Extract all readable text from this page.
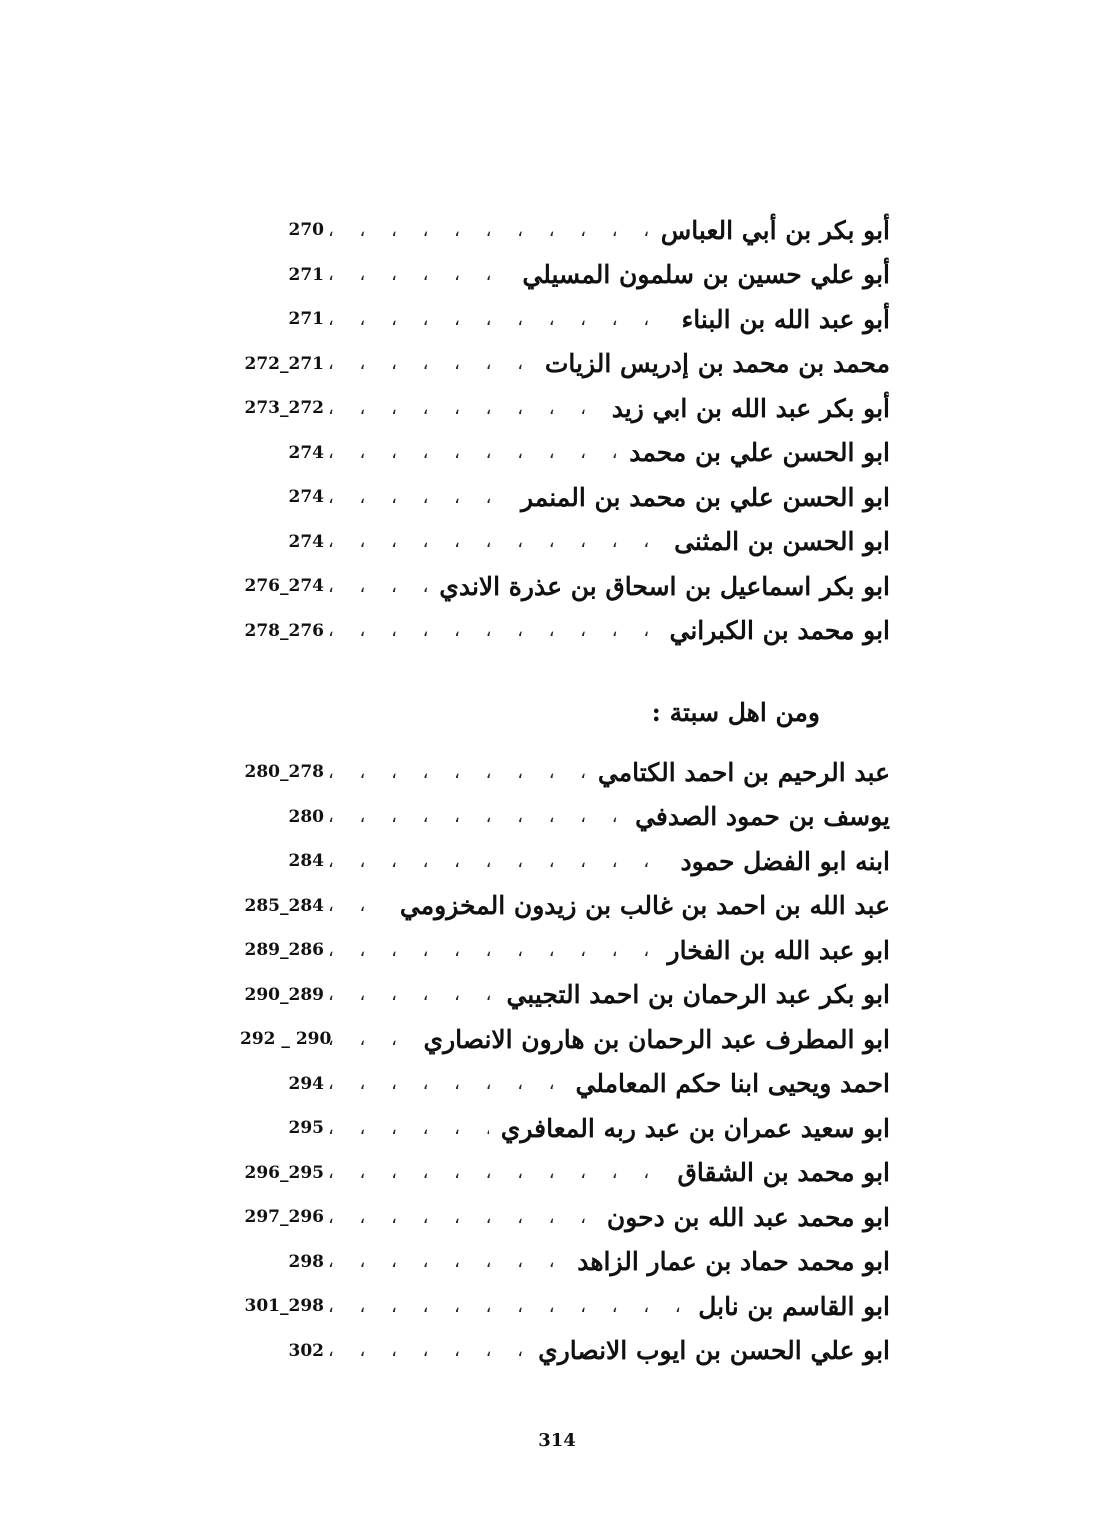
أبو بكر بن أبي العباس
، ، ، ، ، ، ، ، ، ، ، ، ، ، ، ، ، ، ، ، ، ، ، ، ، ، ، ، ، ، ، ، ، ، ، ، ، ، ، ،
270
أبو علي حسين بن سلمون المسيلي
، ، ، ، ، ، ، ، ، ، ، ، ، ، ، ، ، ، ، ، ، ، ، ، ، ، ، ، ، ، ، ، ، ، ، ، ، ، ، ،
271
أبو عبد الله بن البناء
، ، ، ، ، ، ، ، ، ، ، ، ، ، ، ، ، ، ، ، ، ، ، ، ، ، ، ، ، ، ، ، ، ، ، ، ، ، ، ،
271
محمد بن محمد بن إدريس الزيات
، ، ، ، ، ، ، ، ، ، ، ، ، ، ، ، ، ، ، ، ، ، ، ، ، ، ، ، ، ، ، ، ، ، ، ، ، ، ، ،
272_271
أبو بكر عبد الله بن ابي زيد
، ، ، ، ، ، ، ، ، ، ، ، ، ، ، ، ، ، ، ، ، ، ، ، ، ، ، ، ، ، ، ، ، ، ، ، ، ، ، ،
273_272
ابو الحسن علي بن محمد
، ، ، ، ، ، ، ، ، ، ، ، ، ، ، ، ، ، ، ، ، ، ، ، ، ، ، ، ، ، ، ، ، ، ، ، ، ، ، ،
274
ابو الحسن علي بن محمد بن المنمر
، ، ، ، ، ، ، ، ، ، ، ، ، ، ، ، ، ، ، ، ، ، ، ، ، ، ، ، ، ، ، ، ، ، ، ، ، ، ، ،
274
ابو الحسن بن المثنى
، ، ، ، ، ، ، ، ، ، ، ، ، ، ، ، ، ، ، ، ، ، ، ، ، ، ، ، ، ، ، ، ، ، ، ، ، ، ، ،
274
ابو بكر اسماعيل بن اسحاق بن عذرة الاندي
، ، ، ، ، ، ، ، ، ، ، ، ، ، ، ، ، ، ، ، ، ، ، ، ، ، ، ، ، ، ، ، ، ، ، ، ، ، ، ،
276_274
ابو محمد بن الكبراني
، ، ، ، ، ، ، ، ، ، ، ، ، ، ، ، ، ، ، ، ، ، ، ، ، ، ، ، ، ، ، ، ، ، ، ، ، ، ، ،
278_276
ومن اهل سبتة :
عبد الرحيم بن احمد الكتامي
، ، ، ، ، ، ، ، ، ، ، ، ، ، ، ، ، ، ، ، ، ، ، ، ، ، ، ، ، ، ، ، ، ، ، ، ، ، ، ،
280_278
يوسف بن حمود الصدفي
، ، ، ، ، ، ، ، ، ، ، ، ، ، ، ، ، ، ، ، ، ، ، ، ، ، ، ، ، ، ، ، ، ، ، ، ، ، ، ،
280
ابنه ابو الفضل حمود
، ، ، ، ، ، ، ، ، ، ، ، ، ، ، ، ، ، ، ، ، ، ، ، ، ، ، ، ، ، ، ، ، ، ، ، ، ، ، ،
284
عبد الله بن احمد بن غالب بن زيدون المخزومي
، ، ، ، ، ، ، ، ، ، ، ، ، ، ، ، ، ، ، ، ، ، ، ، ، ، ، ، ، ، ، ، ، ، ، ، ، ، ، ،
285_284
ابو عبد الله بن الفخار
، ، ، ، ، ، ، ، ، ، ، ، ، ، ، ، ، ، ، ، ، ، ، ، ، ، ، ، ، ، ، ، ، ، ، ، ، ، ، ،
289_286
ابو بكر عبد الرحمان بن احمد التجيبي
، ، ، ، ، ، ، ، ، ، ، ، ، ، ، ، ، ، ، ، ، ، ، ، ، ، ، ، ، ، ، ، ، ، ، ، ، ، ، ،
290_289
ابو المطرف عبد الرحمان بن هارون الانصاري
، ، ، ، ، ، ، ، ، ، ، ، ، ، ، ، ، ، ، ، ، ، ، ، ، ، ، ، ، ، ، ، ، ، ، ، ، ، ، ،
292 _ 290
احمد ويحيى ابنا حكم المعاملي
، ، ، ، ، ، ، ، ، ، ، ، ، ، ، ، ، ، ، ، ، ، ، ، ، ، ، ، ، ، ، ، ، ، ، ، ، ، ، ،
294
ابو سعيد عمران بن عبد ربه المعافري
، ، ، ، ، ، ، ، ، ، ، ، ، ، ، ، ، ، ، ، ، ، ، ، ، ، ، ، ، ، ، ، ، ، ، ، ، ، ، ،
295
ابو محمد بن الشقاق
، ، ، ، ، ، ، ، ، ، ، ، ، ، ، ، ، ، ، ، ، ، ، ، ، ، ، ، ، ، ، ، ، ، ، ، ، ، ، ،
296_295
ابو محمد عبد الله بن دحون
، ، ، ، ، ، ، ، ، ، ، ، ، ، ، ، ، ، ، ، ، ، ، ، ، ، ، ، ، ، ، ، ، ، ، ، ، ، ، ،
297_296
ابو محمد حماد بن عمار الزاهد
، ، ، ، ، ، ، ، ، ، ، ، ، ، ، ، ، ، ، ، ، ، ، ، ، ، ، ، ، ، ، ، ، ، ، ، ، ، ، ،
298
ابو القاسم بن نابل
، ، ، ، ، ، ، ، ، ، ، ، ، ، ، ، ، ، ، ، ، ، ، ، ، ، ، ، ، ، ، ، ، ، ، ، ، ، ، ،
301_298
ابو علي الحسن بن ايوب الانصاري
، ، ، ، ، ، ، ، ، ، ، ، ، ، ، ، ، ، ، ، ، ، ، ، ، ، ، ، ، ، ، ، ، ، ، ، ، ، ، ،
302
314
